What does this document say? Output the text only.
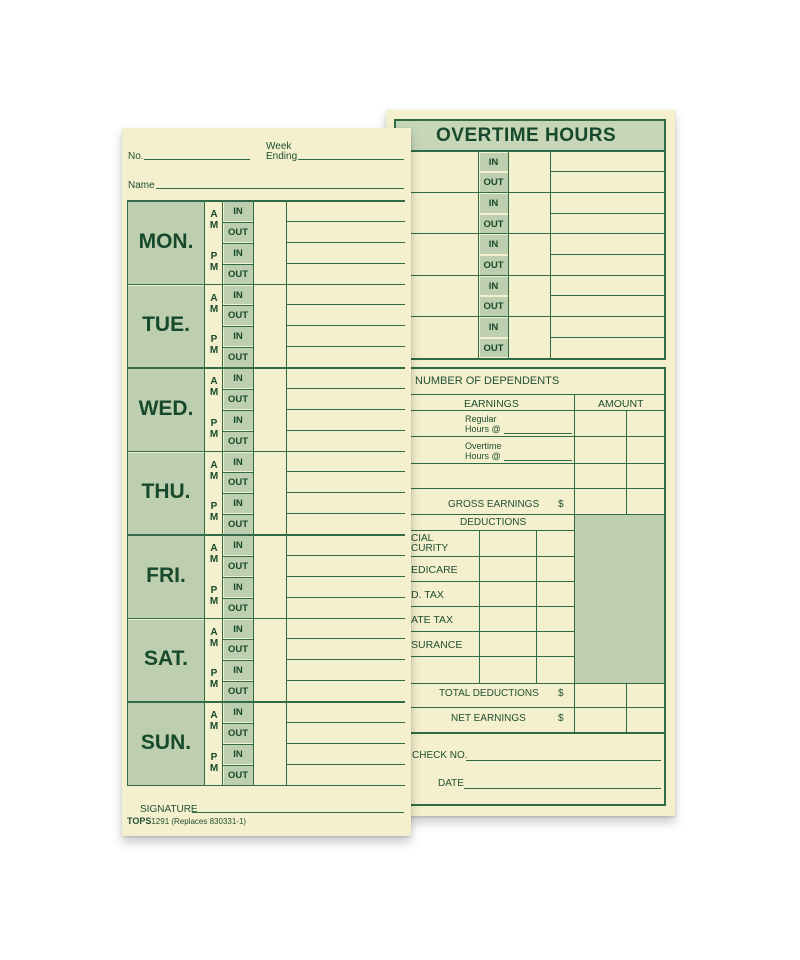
OVERTIME HOURS
NUMBER OF DEPENDENTS
EARNINGS	AMOUNT
Regular
Hours @
Overtime
Hours @
GROSS EARNINGS $
DEDUCTIONS
CIAL
CURITY
EDICARE
D. TAX
ATE TAX
SURANCE
TOTAL DEDUCTIONS $
NET EARNINGS	$
CHECK NO.
DATE
IN
OUT
IN
OUT
IN
OUT
IN
OUT
IN
OUT
No.
Week
Ending
Name
SIGNATURE
TOPS1291 (Replaces 830331-1)
MON.
A
M
P
M
IN
OUT
IN
OUT
TUE.
A
M
P
M
IN
OUT
IN
OUT
WED.
A
M
P
M
IN
OUT
IN
OUT
THU.
A
M
P
M
IN
OUT
IN
OUT
FRI.
A
M
P
M
IN
OUT
IN
OUT
SAT.
A
M
P
M
IN
OUT
IN
OUT
SUN.
A
M
P
M
IN
OUT
IN
OUT
